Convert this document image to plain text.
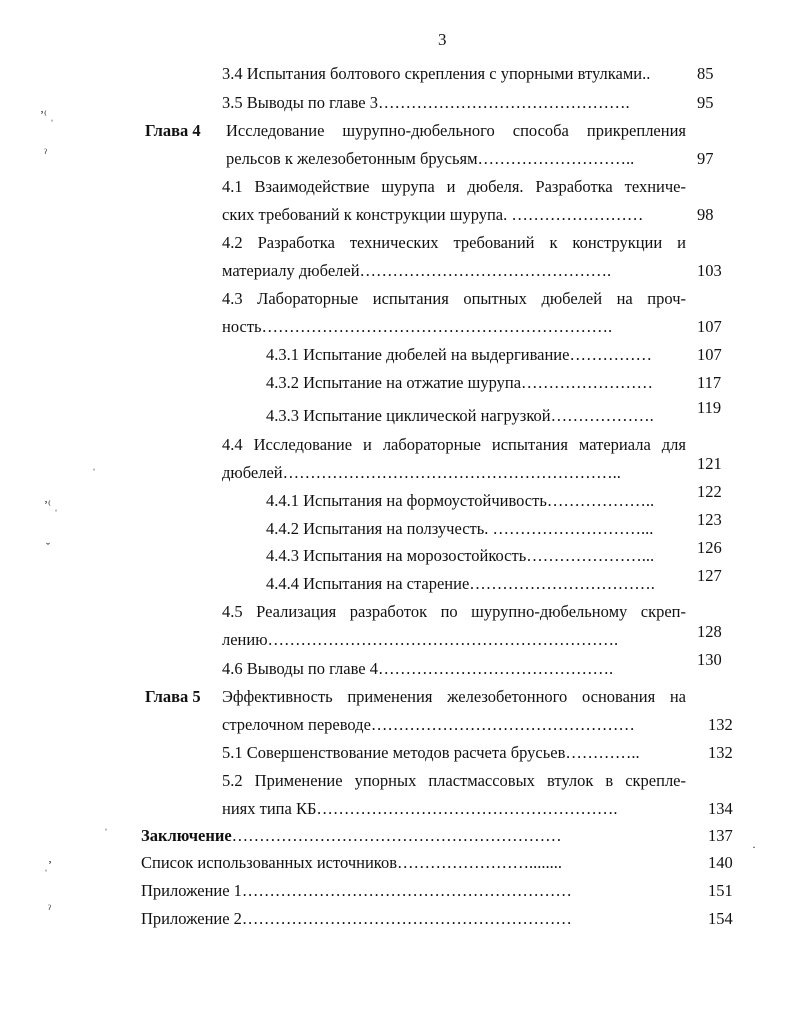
3
ʼ⁽ ˌ
ˀ
ˈ
ʼ⁽ ˌ
ˇ
ˈ
ˌʼ
ˀ
·
3.4 Испытания болтового скрепления с упорными втулками..	85
3.5 Выводы по главе 3……………………………………….	95
Глава 4 Исследование шурупно-дюбельного способа прикрепления
рельсов к железобетонным брусьям………………………..	97
4.1 Взаимодействие шурупа и дюбеля. Разработка техниче-
ских требований к конструкции шурупа. ……………………	98
4.2 Разработка технических требований к конструкции и
материалу дюбелей……………………………………….	103
4.3 Лабораторные испытания опытных дюбелей на проч-
ность……………………………………………………….	107
4.3.1 Испытание дюбелей на выдергивание……………	107
4.3.2 Испытание на отжатие шурупа……………………	117
4.3.3 Испытание циклической нагрузкой……………….	119
4.4 Исследование и лабораторные испытания материала для
дюбелей……………………………………………………..	121
4.4.1 Испытания на формоустойчивость………………..	122
4.4.2 Испытания на ползучесть. ………………………...	123
4.4.3 Испытания на морозостойкость…………………...	126
4.4.4 Испытания на старение…………………………….	127
4.5 Реализация разработок по шурупно-дюбельному скреп-
лению……………………………………………………….	128
4.6 Выводы по главе 4…………………………………….	130
Глава 5 Эффективность применения железобетонного основания на
стрелочном переводе…………………………………………	132
5.1 Совершенствование методов расчета брусьев…………..	132
5.2 Применение упорных пластмассовых втулок в скрепле-
ниях типа КБ……………………………………………….	134
Заключение……………………………………………………	137
Список использованных источников……………………........	140
Приложение 1……………………………………………………	151
Приложение 2……………………………………………………	154
